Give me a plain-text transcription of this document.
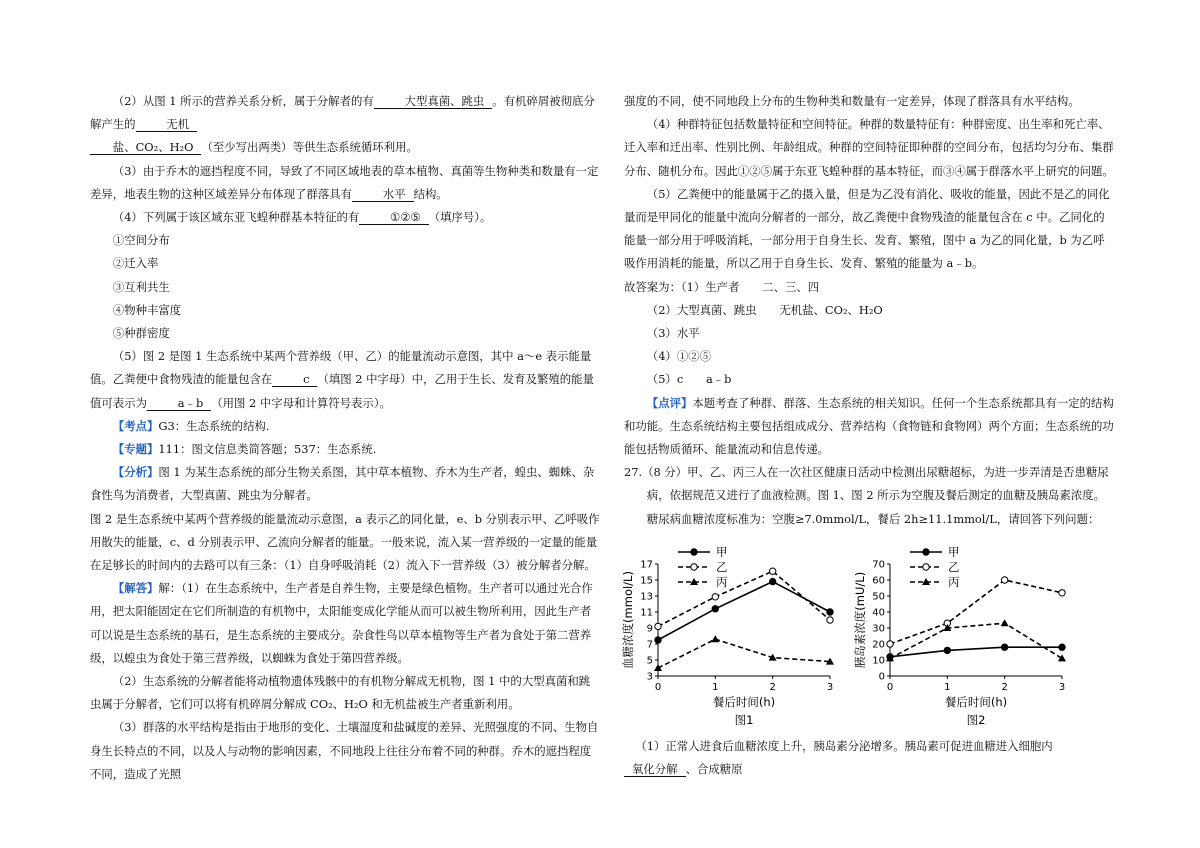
（2）从图 1 所示的营养关系分析，属于分解者的有	大型真菌、跳虫 。有机碎屑被彻底分解产生的	无机
盐、CO₂、H₂O （至少写出两类）等供生态系统循环利用。

（3）由于乔木的遮挡程度不同，导致了不同区域地表的草本植物、真菌等生物种类和数量有一定差异，地表生物的这种区域差异分布体现了群落具有	水平 结构。

（4）下列属于该区域东亚飞蝗种群基本特征的有	①②⑤ （填序号）。

①空间分布

②迁入率

③互利共生

④物种丰富度

⑤种群密度

（5）图 2 是图 1 生态系统中某两个营养级（甲、乙）的能量流动示意图，其中 a～e 表示能量值。乙粪便中食物残渣的能量包含在	c （填图 2 中字母）中，乙用于生长、发育及繁殖的能量值可表示为	a﹣b （用图 2 中字母和计算符号表示）。

【考点】G3：生态系统的结构.

【专题】111：图文信息类简答题；537：生态系统.

【分析】图 1 为某生态系统的部分生物关系图，其中草本植物、乔木为生产者，蝗虫、蜘蛛、杂食性鸟为消费者，大型真菌、跳虫为分解者。

图 2 是生态系统中某两个营养级的能量流动示意图，a 表示乙的同化量，e、b 分别表示甲、乙呼吸作用散失的能量，c、d 分别表示甲、乙流向分解者的能量。一般来说，流入某一营养级的一定量的能量在足够长的时间内的去路可以有三条：（1）自身呼吸消耗（2）流入下一营养级（3）被分解者分解。

【解答】解：（1）在生态系统中，生产者是自养生物，主要是绿色植物。生产者可以通过光合作用，把太阳能固定在它们所制造的有机物中，太阳能变成化学能从而可以被生物所利用，因此生产者可以说是生态系统的基石，是生态系统的主要成分。杂食性鸟以草本植物等生产者为食处于第二营养级，以蝗虫为食处于第三营养级，以蜘蛛为食处于第四营养级。

（2）生态系统的分解者能将动植物遗体残骸中的有机物分解成无机物，图 1 中的大型真菌和跳虫属于分解者，它们可以将有机碎屑分解成 CO₂、H₂O 和无机盐被生产者重新利用。

（3）群落的水平结构是指由于地形的变化、土壤湿度和盐碱度的差异、光照强度的不同、生物自身生长特点的不同，以及人与动物的影响因素，不同地段上往往分布着不同的种群。乔木的遮挡程度不同，造成了光照

强度的不同，使不同地段上分布的生物种类和数量有一定差异，体现了群落具有水平结构。

（4）种群特征包括数量特征和空间特征。种群的数量特征有：种群密度、出生率和死亡率、迁入率和迁出率、性别比例、年龄组成。种群的空间特征即种群的空间分布，包括均匀分布、集群分布、随机分布。因此①②⑤属于东亚飞蝗种群的基本特征，而③④属于群落水平上研究的问题。

（5）乙粪便中的能量属于乙的摄入量，但是为乙没有消化、吸收的能量，因此不是乙的同化量而是甲同化的能量中流向分解者的一部分，故乙粪便中食物残渣的能量包含在 c 中。乙同化的能量一部分用于呼吸消耗，一部分用于自身生长、发育、繁殖，图中 a 为乙的同化量，b 为乙呼吸作用消耗的能量，所以乙用于自身生长、发育、繁殖的能量为 a﹣b。

故答案为：（1）生产者　　二、三、四

（2）大型真菌、跳虫　　无机盐、CO₂、H₂O

（3）水平

（4）①②⑤

（5）c　　a﹣b

【点评】本题考查了种群、群落、生态系统的相关知识。任何一个生态系统都具有一定的结构和功能。生态系统结构主要包括组成成分、营养结构（食物链和食物网）两个方面；生态系统的功能包括物质循环、能量流动和信息传递。

27.（8 分）甲、乙、丙三人在一次社区健康日活动中检测出尿糖超标，为进一步弄清是否患糖尿病，依据规范又进行了血液检测。图 1、图 2 所示为空腹及餐后测定的血糖及胰岛素浓度。糖尿病血糖浓度标准为：空腹≥7.0mmol/L，餐后 2h≥11.1mmol/L，请回答下列问题：

3
5
7
9
11
13
15
17
0	1	2	3
餐后时间(h)
血糖浓度(mmol/L)
图1
甲
乙
丙
0
10
20
30
40
50
60
70
0	1	2	3
餐后时间(h)
胰岛素浓度(mU/L)
图2
甲
乙
丙
（1）正常人进食后血糖浓度上升，胰岛素分泌增多。胰岛素可促进血糖进入细胞内氧化分解 、合成糖原
